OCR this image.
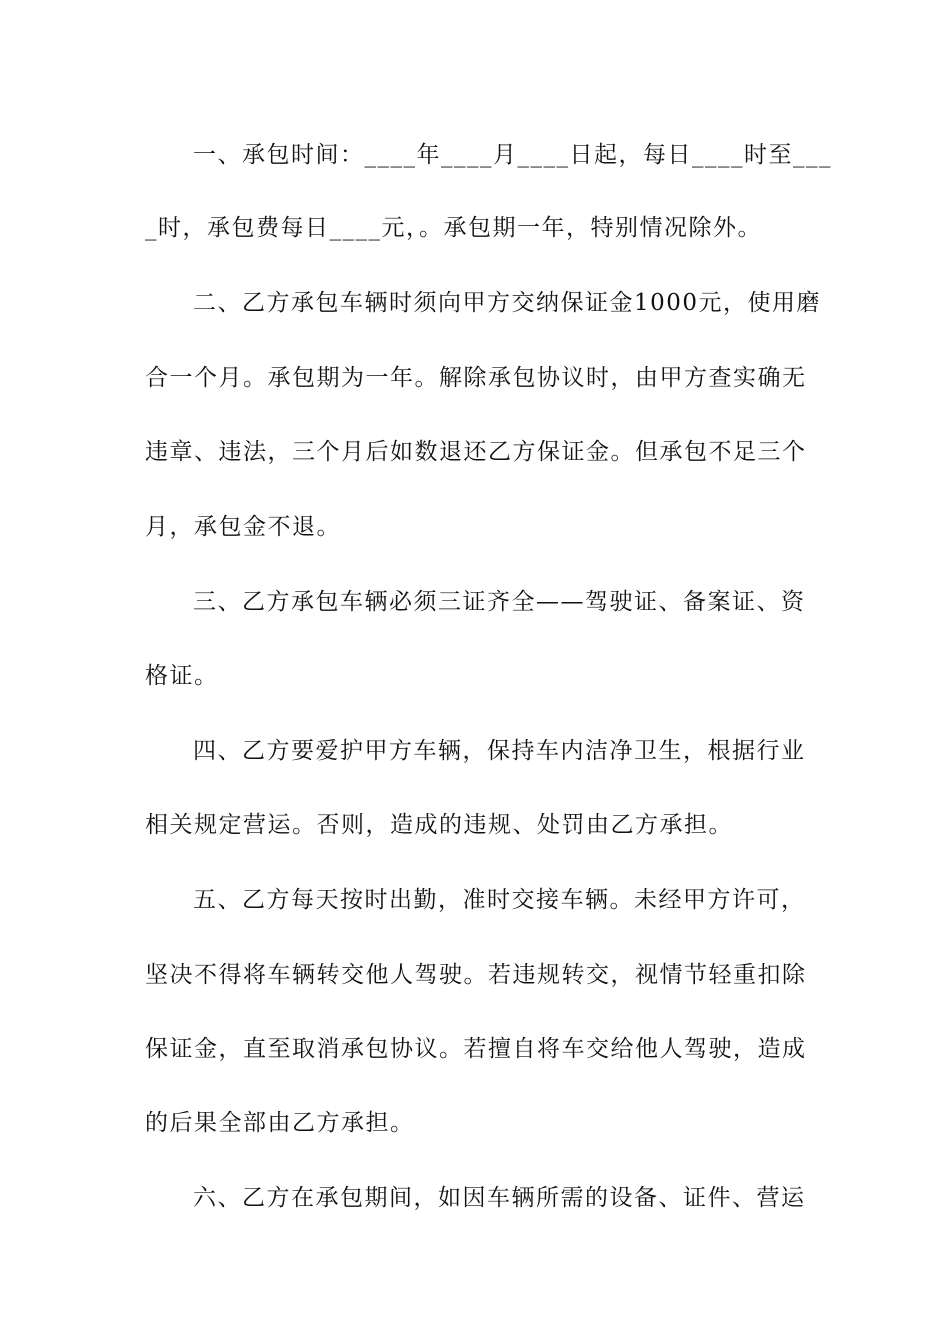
一、承包时间：____年____月____日起，每日____时至___
_时，承包费每日____元，。承包期一年，特别情况除外。
二、乙方承包车辆时须向甲方交纳保证金1000元，使用磨
合一个月。承包期为一年。解除承包协议时，由甲方查实确无
违章、违法，三个月后如数退还乙方保证金。但承包不足三个
月，承包金不退。
三、乙方承包车辆必须三证齐全——驾驶证、备案证、资
格证。
四、乙方要爱护甲方车辆，保持车内洁净卫生，根据行业
相关规定营运。否则，造成的违规、处罚由乙方承担。
五、乙方每天按时出勤，准时交接车辆。未经甲方许可，
坚决不得将车辆转交他人驾驶。若违规转交，视情节轻重扣除
保证金，直至取消承包协议。若擅自将车交给他人驾驶，造成
的后果全部由乙方承担。
六、乙方在承包期间，如因车辆所需的设备、证件、营运
